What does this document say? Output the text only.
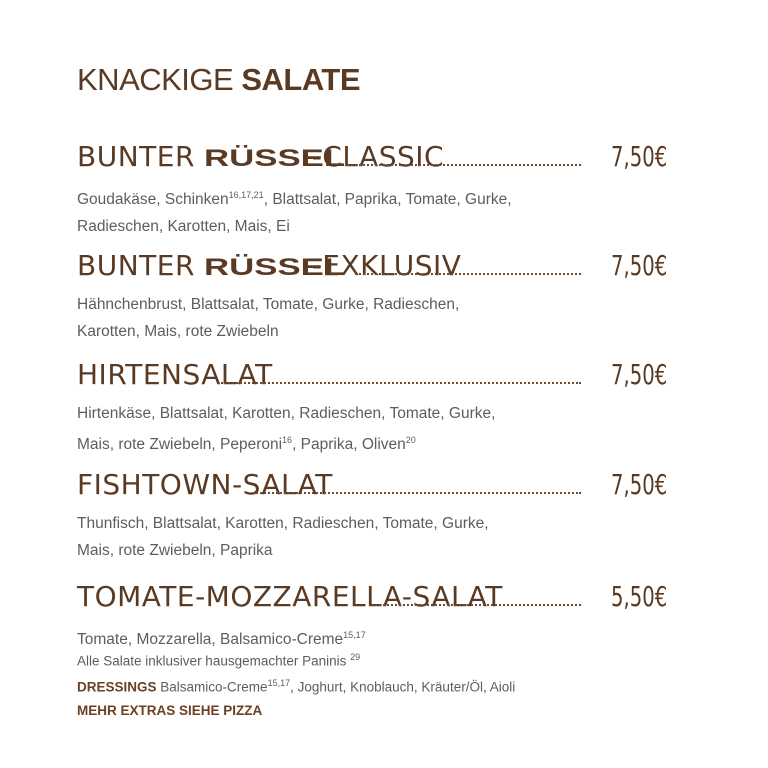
KNACKIGE SALATE
BUNTER RÜSSEL-CLASSIC	7,50€
Goudakäse, Schinken$^{16,17,21}$, Blattsalat, Paprika, Tomate, Gurke, Radieschen, Karotten, Mais, Ei
BUNTER RÜSSEL-EXKLUSIV	7,50€
Hähnchenbrust, Blattsalat, Tomate, Gurke, Radieschen, Karotten, Mais, rote Zwiebeln
HIRTENSALAT	7,50€
Hirtenkäse, Blattsalat, Karotten, Radieschen, Tomate, Gurke, Mais, rote Zwiebeln, Peperoni$^{16}$, Paprika, Oliven$^{20}$
FISHTOWN-SALAT	7,50€
Thunfisch, Blattsalat, Karotten, Radieschen, Tomate, Gurke, Mais, rote Zwiebeln, Paprika
TOMATE-MOZZARELLA-SALAT	5,50€
Tomate, Mozzarella, Balsamico-Creme$^{15,17}$
Alle Salate inklusiver hausgemachter Paninis $^{29}$
DRESSINGS Balsamico-Creme$^{15,17}$, Joghurt, Knoblauch, Kräuter/Öl, Aioli
MEHR EXTRAS SIEHE PIZZA
